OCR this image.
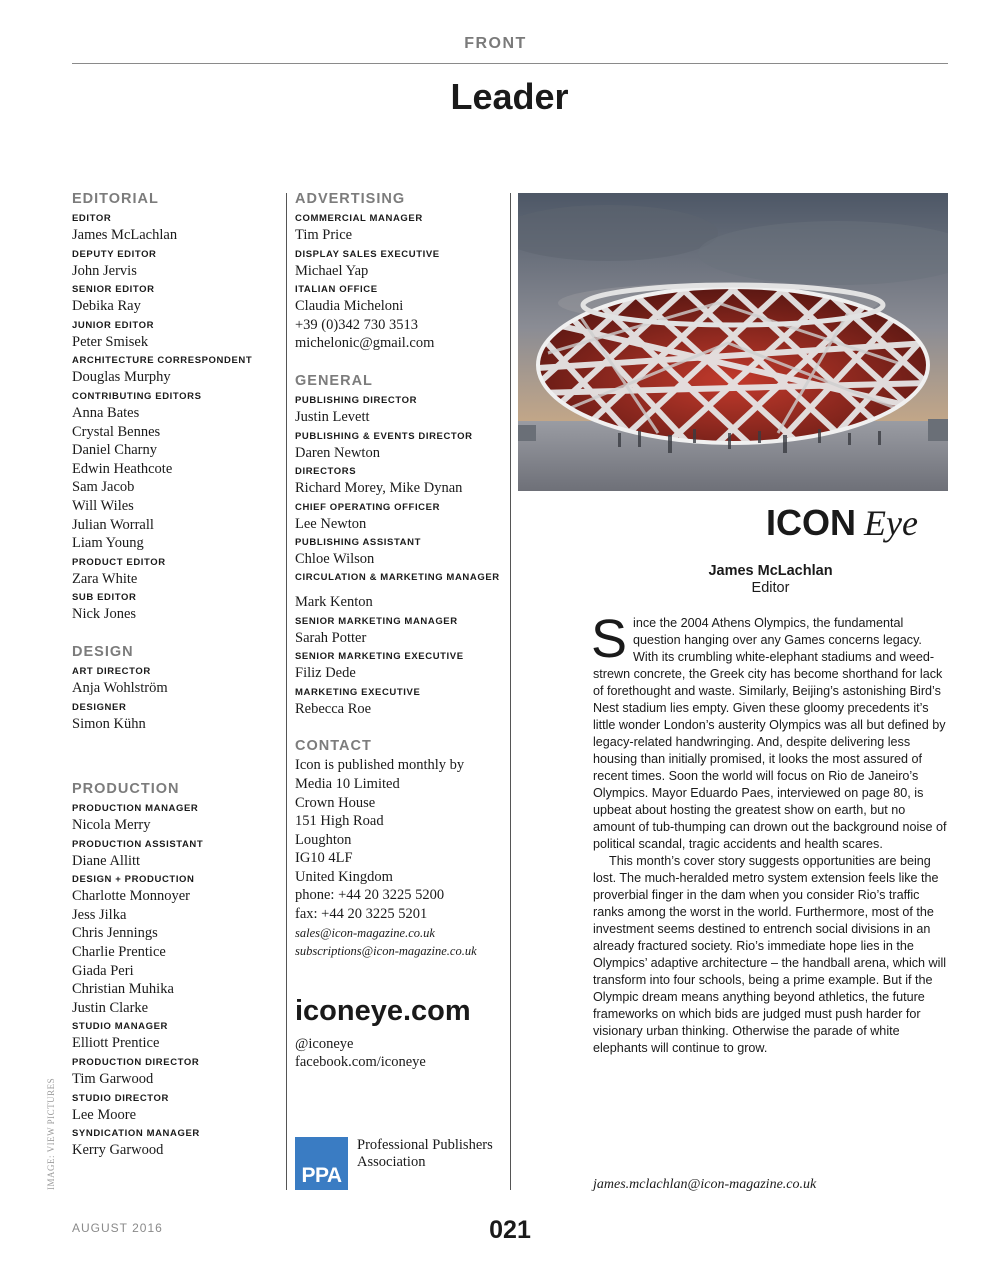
FRONT
Leader
EDITORIAL
EDITOR
James McLachlan
DEPUTY EDITOR
John Jervis
SENIOR EDITOR
Debika Ray
JUNIOR EDITOR
Peter Smisek
ARCHITECTURE CORRESPONDENT
Douglas Murphy
CONTRIBUTING EDITORS
Anna Bates
Crystal Bennes
Daniel Charny
Edwin Heathcote
Sam Jacob
Will Wiles
Julian Worrall
Liam Young
PRODUCT EDITOR
Zara White
SUB EDITOR
Nick Jones
DESIGN
ART DIRECTOR
Anja Wohlström
DESIGNER
Simon Kühn
PRODUCTION
PRODUCTION MANAGER
Nicola Merry
PRODUCTION ASSISTANT
Diane Allitt
DESIGN + PRODUCTION
Charlotte Monnoyer
Jess Jilka
Chris Jennings
Charlie Prentice
Giada Peri
Christian Muhika
Justin Clarke
STUDIO MANAGER
Elliott Prentice
PRODUCTION DIRECTOR
Tim Garwood
STUDIO DIRECTOR
Lee Moore
SYNDICATION MANAGER
Kerry Garwood
ADVERTISING
COMMERCIAL MANAGER
Tim Price
DISPLAY SALES EXECUTIVE
Michael Yap
ITALIAN OFFICE
Claudia Micheloni
+39 (0)342 730 3513
michelonic@gmail.com
GENERAL
PUBLISHING DIRECTOR
Justin Levett
PUBLISHING & EVENTS DIRECTOR
Daren Newton
DIRECTORS
Richard Morey, Mike Dynan
CHIEF OPERATING OFFICER
Lee Newton
PUBLISHING ASSISTANT
Chloe Wilson
CIRCULATION & MARKETING MANAGER
Mark Kenton
SENIOR MARKETING MANAGER
Sarah Potter
SENIOR MARKETING EXECUTIVE
Filiz Dede
MARKETING EXECUTIVE
Rebecca Roe
CONTACT
Icon is published monthly by
Media 10 Limited
Crown House
151 High Road
Loughton
IG10 4LF
United Kingdom
phone: +44 20 3225 5200
fax: +44 20 3225 5201
sales@icon-magazine.co.uk
subscriptions@icon-magazine.co.uk
iconeye.com
@iconeye
facebook.com/iconeye
PPA
Professional Publishers
Association
ICON Eye
James McLachlan
Editor

Since the 2004 Athens Olympics, the fundamental question hanging over any Games concerns legacy. With its crumbling white-elephant stadiums and weed-strewn concrete, the Greek city has become shorthand for lack of forethought and waste. Similarly, Beijing’s astonishing Bird’s Nest stadium lies empty. Given these gloomy precedents it’s little wonder London’s austerity Olympics was all but defined by legacy-related handwringing. And, despite delivering less housing than initially promised, it looks the most assured of recent times. Soon the world will focus on Rio de Janeiro’s Olympics. Mayor Eduardo Paes, interviewed on page 80, is upbeat about hosting the greatest show on earth, but no amount of tub-thumping can drown out the background noise of political scandal, tragic accidents and health scares.

This month’s cover story suggests opportunities are being lost. The much-heralded metro system extension feels like the proverbial finger in the dam when you consider Rio’s traffic ranks among the worst in the world. Furthermore, most of the investment seems destined to entrench social divisions in an already fractured society. Rio’s immediate hope lies in the Olympics’ adaptive architecture – the handball arena, which will transform into four schools, being a prime example. But if the Olympic dream means anything beyond athletics, the future frameworks on which bids are judged must push harder for visionary urban thinking. Otherwise the parade of white elephants will continue to grow.

james.mclachlan@icon-magazine.co.uk
IMAGE: VIEW PICTURES
AUGUST 2016	021
